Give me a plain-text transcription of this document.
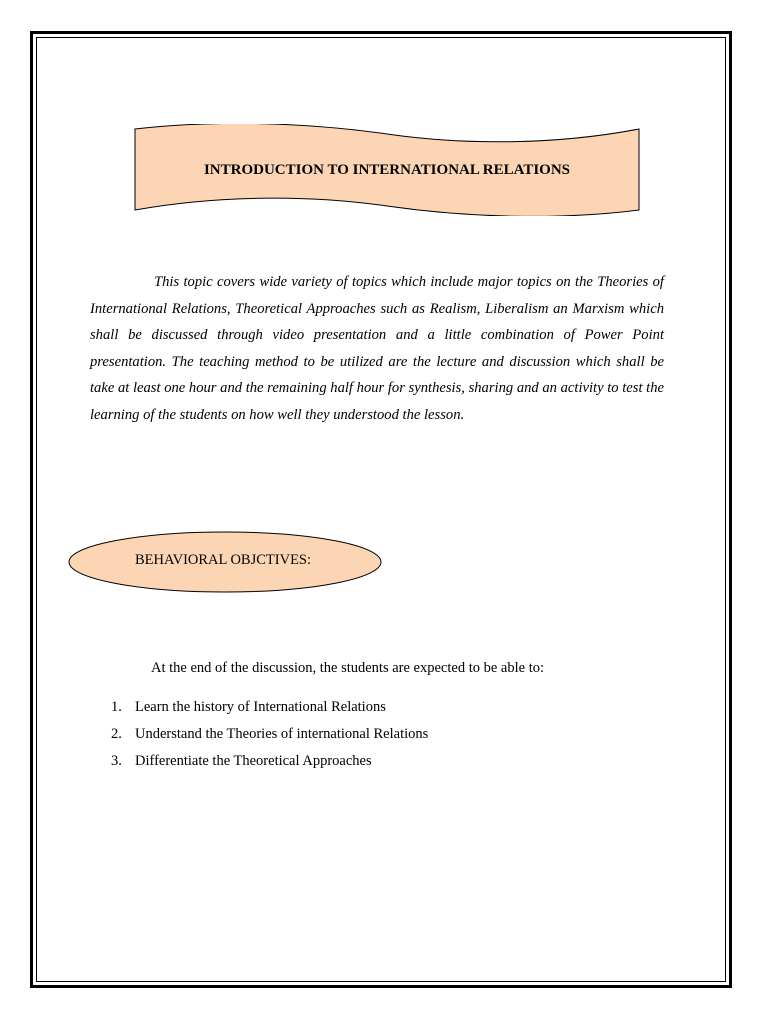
INTRODUCTION TO INTERNATIONAL RELATIONS

This topic covers wide variety of topics which include major topics on the Theories of International Relations, Theoretical Approaches such as Realism, Liberalism an Marxism which shall be discussed through video presentation and a little combination of Power Point presentation. The teaching method to be utilized are the lecture and discussion which shall be take at least one hour and the remaining half hour for synthesis, sharing and an activity to test the learning of the students on how well they understood the lesson.

BEHAVIORAL OBJCTIVES:

At the end of the discussion, the students are expected to be able to:

1. Learn the history of International Relations
2. Understand the Theories of international Relations
3. Differentiate the Theoretical Approaches
